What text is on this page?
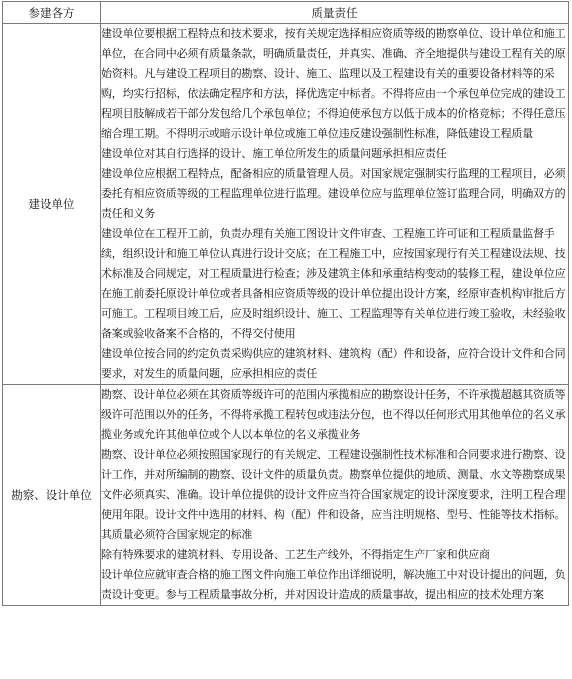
参建各方	质量责任
建设单位	建设单位要根据工程特点和技术要求，按有关规定选择相应资质等级的勘察单位、设计单位和施工单位，在合同中必须有质量条款，明确质量责任，并真实、准确、齐全地提供与建设工程有关的原始资料。凡与建设工程项目的勘察、设计、施工、监理以及工程建设有关的重要设备材料等的采购，均实行招标，依法确定程序和方法，择优选定中标者。不得将应由一个承包单位完成的建设工程项目肢解成若干部分发包给几个承包单位；不得迫使承包方以低于成本的价格竞标；不得任意压缩合理工期。不得明示或暗示设计单位或施工单位违反建设强制性标准，降低建设工程质量

建设单位对其自行选择的设计、施工单位所发生的质量问题承担相应责任

建设单位应根据工程特点，配备相应的质量管理人员。对国家规定强制实行监理的工程项目，必须委托有相应资质等级的工程监理单位进行监理。建设单位应与监理单位签订监理合同，明确双方的责任和义务

建设单位在工程开工前，负责办理有关施工图设计文件审查、工程施工许可证和工程质量监督手续，组织设计和施工单位认真进行设计交底；在工程施工中，应按国家现行有关工程建设法规、技术标准及合同规定，对工程质量进行检查；涉及建筑主体和承重结构变动的装修工程，建设单位应在施工前委托原设计单位或者具备相应资质等级的设计单位提出设计方案，经原审查机构审批后方可施工。工程项目竣工后，应及时组织设计、施工、工程监理等有关单位进行竣工验收，未经验收备案或验收备案不合格的，不得交付使用

建设单位按合同的约定负责采购供应的建筑材料、建筑构（配）件和设备，应符合设计文件和合同要求，对发生的质量问题，应承担相应的责任

勘察、设计单位	勘察、设计单位必须在其资质等级许可的范围内承揽相应的勘察设计任务，不许承揽超越其资质等级许可范围以外的任务，不得将承揽工程转包或违法分包，也不得以任何形式用其他单位的名义承揽业务或允许其他单位或个人以本单位的名义承揽业务

勘察、设计单位必须按照国家现行的有关规定、工程建设强制性技术标准和合同要求进行勘察、设计工作，并对所编制的勘察、设计文件的质量负责。勘察单位提供的地质、测量、水文等勘察成果文件必须真实、准确。设计单位提供的设计文件应当符合国家规定的设计深度要求，注明工程合理使用年限。设计文件中选用的材料、构（配）件和设备，应当注明规格、型号、性能等技术指标。其质量必须符合国家规定的标准

除有特殊要求的建筑材料、专用设备、工艺生产线外，不得指定生产厂家和供应商

设计单位应就审查合格的施工图文件向施工单位作出详细说明，解决施工中对设计提出的问题，负责设计变更。参与工程质量事故分析，并对因设计造成的质量事故，提出相应的技术处理方案
